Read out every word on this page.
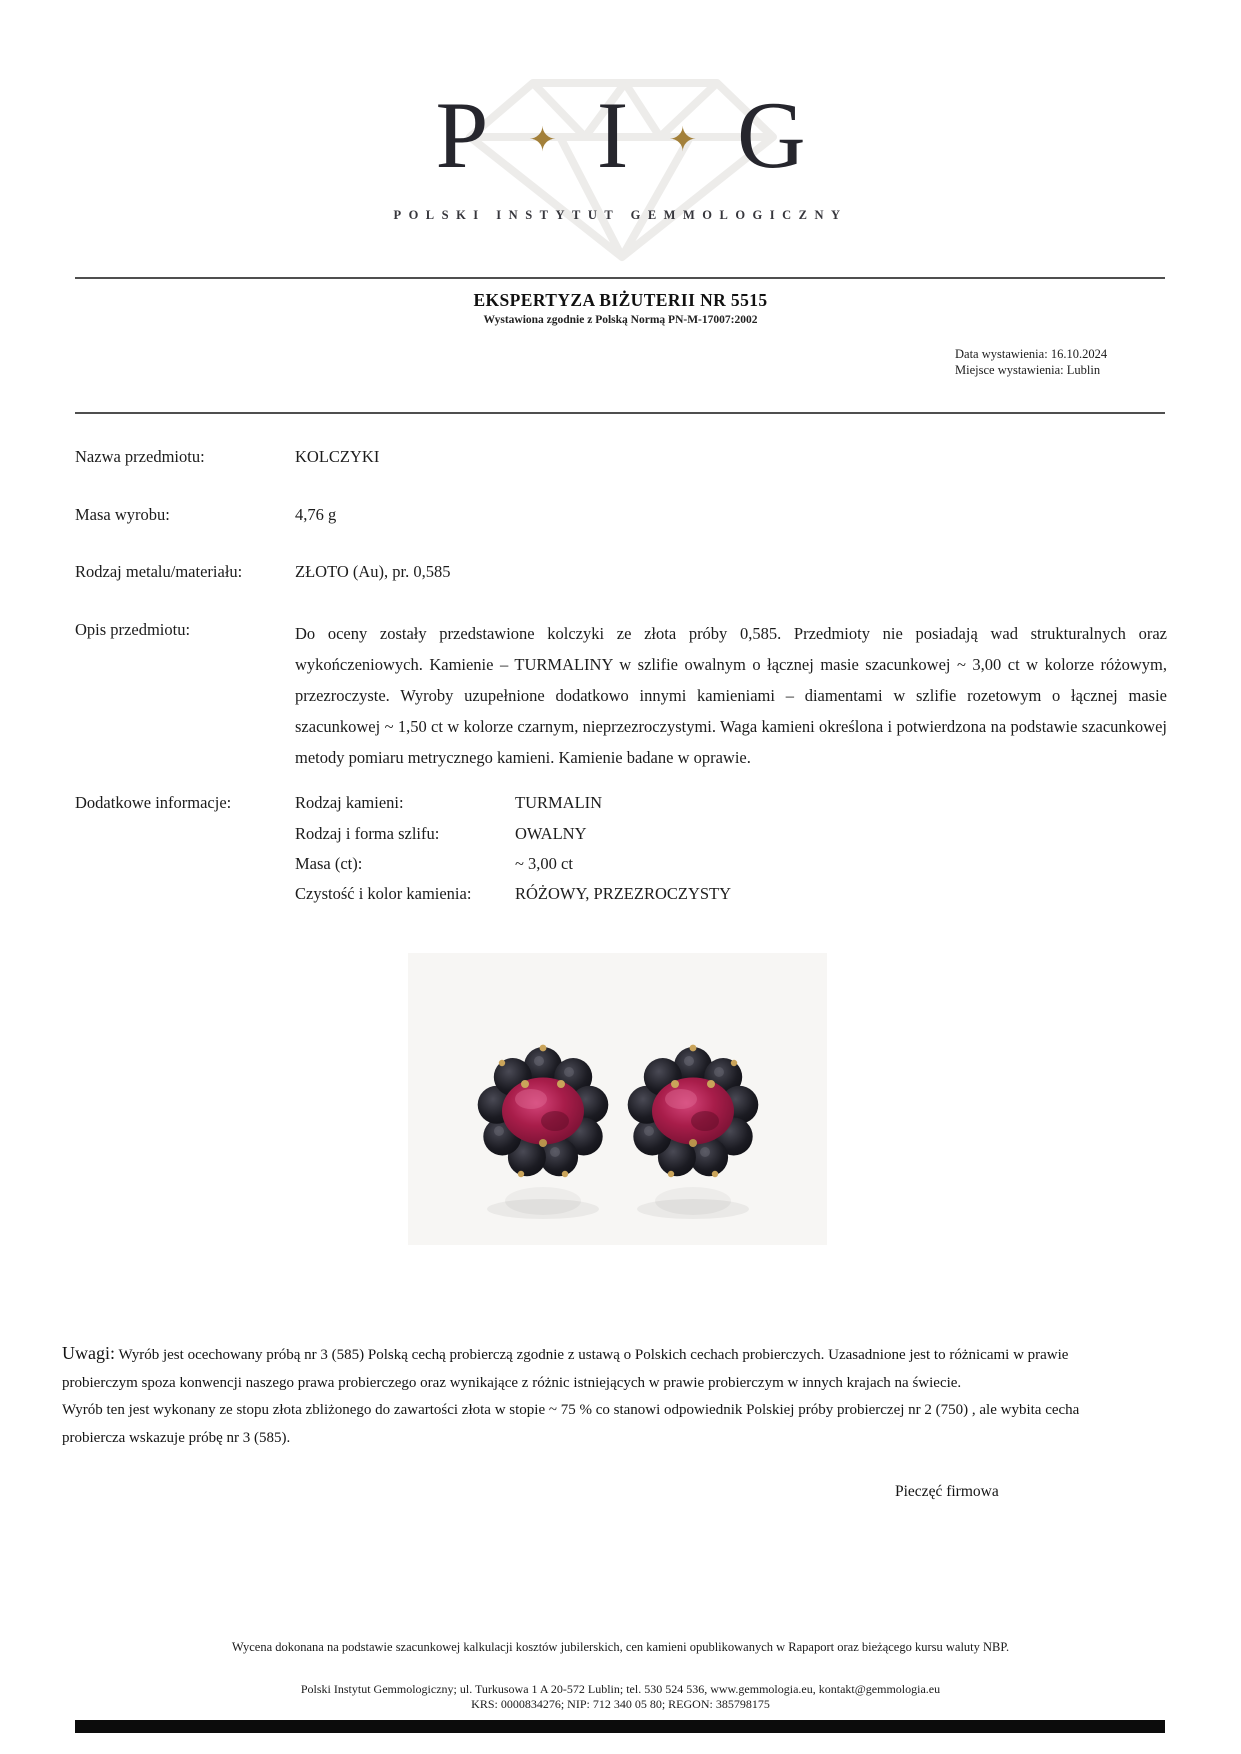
P ✦ I ✦ G
POLSKI INSTYTUT GEMMOLOGICZNY
EKSPERTYZA BIŻUTERII NR 5515
Wystawiona zgodnie z Polską Normą PN-M-17007:2002
Data wystawienia: 16.10.2024
Miejsce wystawienia: Lublin
Nazwa przedmiotu:	KOLCZYKI
Masa wyrobu:	4,76 g
Rodzaj metalu/materiału:	ZŁOTO (Au), pr. 0,585
Opis przedmiotu:	Do oceny zostały przedstawione kolczyki ze złota próby 0,585. Przedmioty nie posiadają wad strukturalnych oraz wykończeniowych. Kamienie – TURMALINY w szlifie owalnym o łącznej masie szacunkowej ~ 3,00 ct w kolorze różowym, przezroczyste. Wyroby uzupełnione dodatkowo innymi kamieniami – diamentami w szlifie rozetowym o łącznej masie szacunkowej ~ 1,50 ct w kolorze czarnym, nieprzezroczystymi. Waga kamieni określona i potwierdzona na podstawie szacunkowej metody pomiaru metrycznego kamieni. Kamienie badane w oprawie.
Dodatkowe informacje:	Rodzaj kamieni:	TURMALIN
Rodzaj i forma szlifu:	OWALNY
Masa (ct):	~ 3,00 ct
Czystość i kolor kamienia:	RÓŻOWY, PRZEZROCZYSTY

Uwagi: Wyrób jest ocechowany próbą nr 3 (585) Polską cechą probierczą zgodnie z ustawą o Polskich cechach probierczych. Uzasadnione jest to różnicami w prawie probierczym spoza konwencji naszego prawa probierczego oraz wynikające z różnic istniejących w prawie probierczym w innych krajach na świecie.

Wyrób ten jest wykonany ze stopu złota zbliżonego do zawartości złota w stopie ~ 75 % co stanowi odpowiednik Polskiej próby probierczej nr 2 (750) , ale wybita cecha probiercza wskazuje próbę nr 3 (585).

Pieczęć firmowa
Wycena dokonana na podstawie szacunkowej kalkulacji kosztów jubilerskich, cen kamieni opublikowanych w Rapaport oraz bieżącego kursu waluty NBP.
Polski Instytut Gemmologiczny; ul. Turkusowa 1 A 20-572 Lublin; tel. 530 524 536, www.gemmologia.eu, kontakt@gemmologia.eu
KRS: 0000834276; NIP: 712 340 05 80; REGON: 385798175
